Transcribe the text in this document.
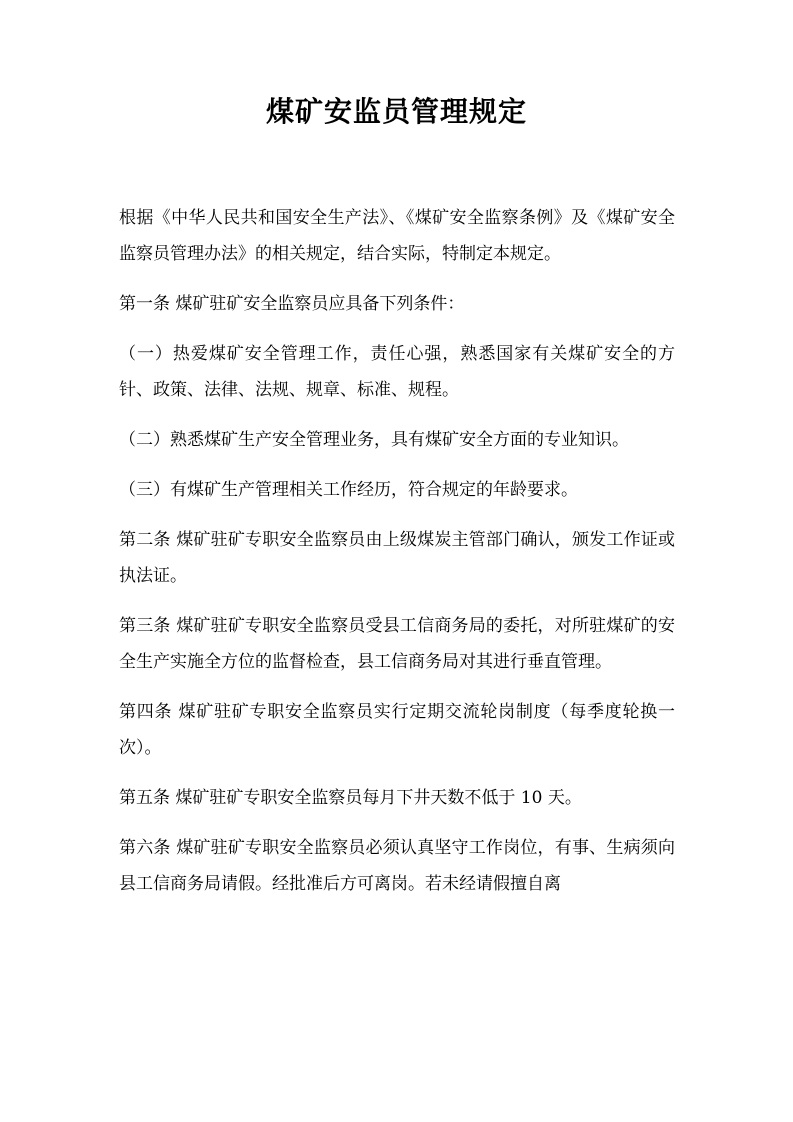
煤矿安监员管理规定

根据《中华人民共和国安全生产法》、《煤矿安全监察条例》及《煤矿安全监察员管理办法》的相关规定，结合实际，特制定本规定。

第一条 煤矿驻矿安全监察员应具备下列条件：

（一）热爱煤矿安全管理工作，责任心强，熟悉国家有关煤矿安全的方针、政策、法律、法规、规章、标准、规程。

（二）熟悉煤矿生产安全管理业务，具有煤矿安全方面的专业知识。

（三）有煤矿生产管理相关工作经历，符合规定的年龄要求。

第二条 煤矿驻矿专职安全监察员由上级煤炭主管部门确认，颁发工作证或执法证。

第三条 煤矿驻矿专职安全监察员受县工信商务局的委托，对所驻煤矿的安全生产实施全方位的监督检查，县工信商务局对其进行垂直管理。

第四条 煤矿驻矿专职安全监察员实行定期交流轮岗制度（每季度轮换一次）。

第五条 煤矿驻矿专职安全监察员每月下井天数不低于 10 天。

第六条 煤矿驻矿专职安全监察员必须认真坚守工作岗位，有事、生病须向县工信商务局请假。经批准后方可离岗。若未经请假擅自离
